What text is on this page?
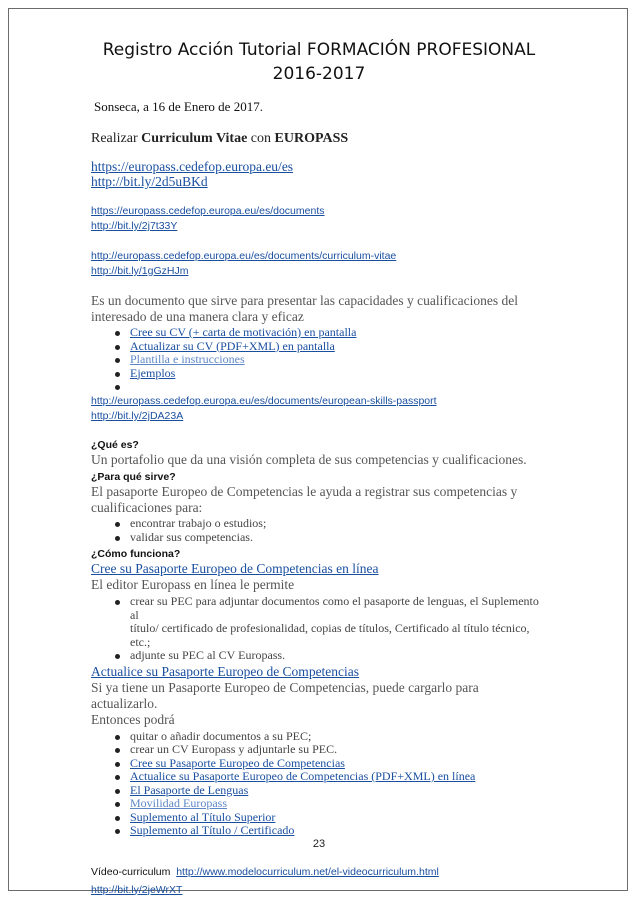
Registro Acción Tutorial FORMACIÓN PROFESIONAL
2016-2017

Sonseca, a 16 de Enero de 2017.

Realizar Curriculum Vitae con EUROPASS

https://europass.cedefop.europa.eu/es
http://bit.ly/2d5uBKd
https://europass.cedefop.europa.eu/es/documents
http://bit.ly/2j7t33Y
http://europass.cedefop.europa.eu/es/documents/curriculum-vitae
http://bit.ly/1gGzHJm
Es un documento que sirve para presentar las capacidades y cualificaciones del
interesado de una manera clara y eficaz
Cree su CV (+ carta de motivación) en pantalla
Actualizar su CV (PDF+XML) en pantalla
Plantilla e instrucciones
Ejemplos
http://europass.cedefop.europa.eu/es/documents/european-skills-passport
http://bit.ly/2jDA23A

¿Qué es?

Un portafolio que da una visión completa de sus competencias y cualificaciones.

¿Para qué sirve?

El pasaporte Europeo de Competencias le ayuda a registrar sus competencias y
cualificaciones para:
encontrar trabajo o estudios;
validar sus competencias.

¿Cómo funciona?

Cree su Pasaporte Europeo de Competencias en línea
El editor Europass en línea le permite
crear su PEC para adjuntar documentos como el pasaporte de lenguas, el Suplemento al
título/ certificado de profesionalidad, copias de títulos, Certificado al título técnico, etc.;
adjunte su PEC al CV Europass.
Actualice su Pasaporte Europeo de Competencias
Si ya tiene un Pasaporte Europeo de Competencias, puede cargarlo para actualizarlo.
Entonces podrá
quitar o añadir documentos a su PEC;
crear un CV Europass y adjuntarle su PEC.
Cree su Pasaporte Europeo de Competencias
Actualice su Pasaporte Europeo de Competencias (PDF+XML) en línea
El Pasaporte de Lenguas
Movilidad Europass
Suplemento al Título Superior
Suplemento al Título / Certificado
Vídeo-curriculum http://www.modelocurriculum.net/el-videocurriculum.html
http://bit.ly/2jeWrXT
23
